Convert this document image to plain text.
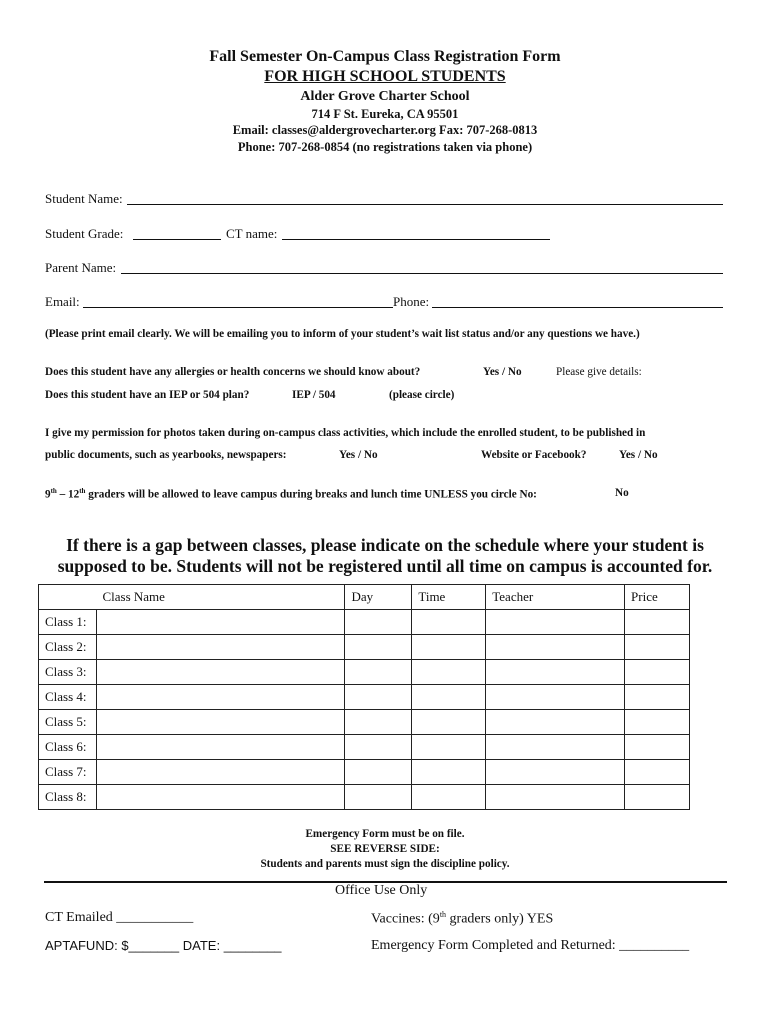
Fall Semester On-Campus Class Registration Form
FOR HIGH SCHOOL STUDENTS
Alder Grove Charter School
714 F St. Eureka, CA 95501
Email: classes@aldergrovecharter.org Fax: 707-268-0813
Phone: 707-268-0854 (no registrations taken via phone)
Student Name:
Student Grade:	CT name:
Parent Name:
Email:	Phone:
(Please print email clearly. We will be emailing you to inform of your student’s wait list status and/or any questions we have.)
Does this student have any allergies or health concerns we should know about?	Yes / No	Please give details:
Does this student have an IEP or 504 plan?	IEP / 504	(please circle)
I give my permission for photos taken during on-campus class activities, which include the enrolled student, to be published in
public documents, such as yearbooks, newspapers:	Yes / No	Website or Facebook?	Yes / No
9th – 12th graders will be allowed to leave campus during breaks and lunch time UNLESS you circle No:	No
If there is a gap between classes, please indicate on the schedule where your student is
supposed to be. Students will not be registered until all time on campus is accounted for.
	Class Name	Day	Time	Teacher	Price
Class 1:					
Class 2:					
Class 3:					
Class 4:					
Class 5:					
Class 6:					
Class 7:					
Class 8:					
Emergency Form must be on file.
SEE REVERSE SIDE:
Students and parents must sign the discipline policy.
Office Use Only
CT Emailed ___________	Vaccines: (9th graders only) YES
APTAFUND: $_______ DATE: ________	Emergency Form Completed and Returned: __________
